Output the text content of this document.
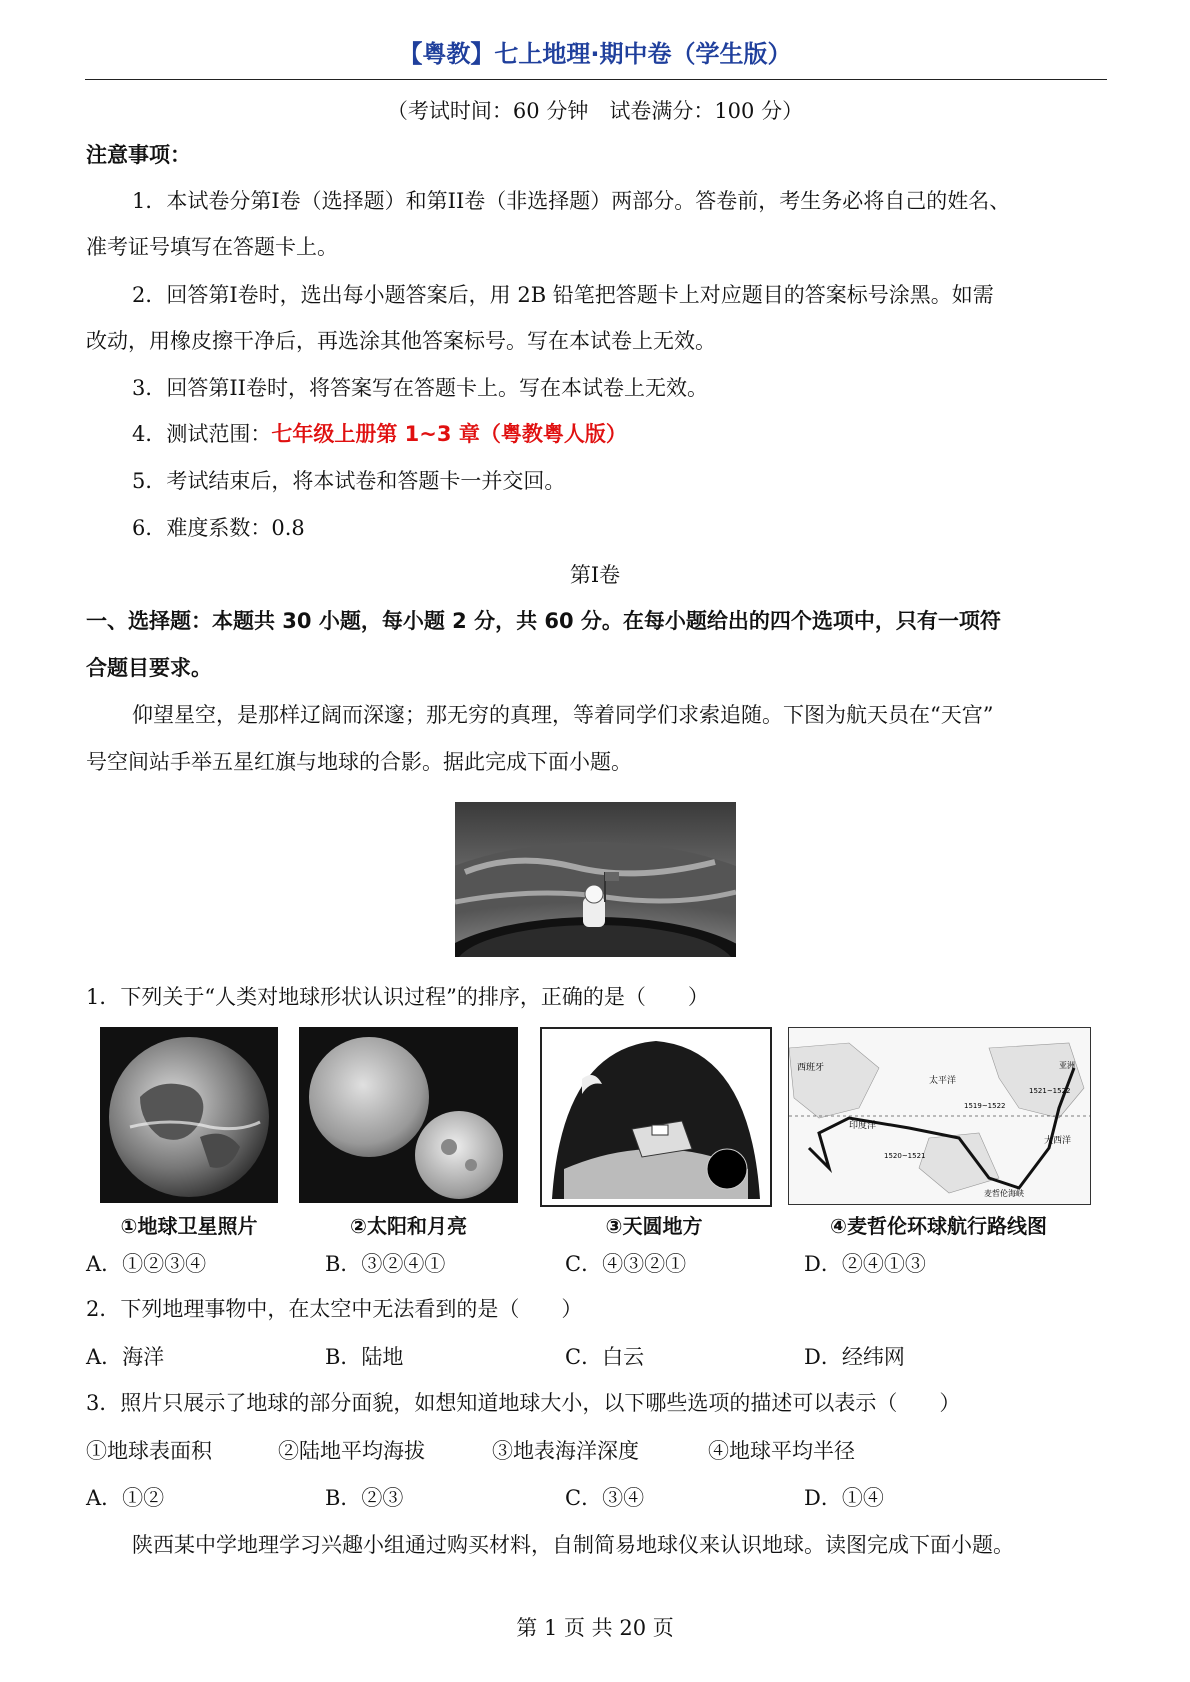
【粤教】七上地理·期中卷（学生版）
（考试时间：60 分钟　试卷满分：100 分）
注意事项：
1．本试卷分第I卷（选择题）和第II卷（非选择题）两部分。答卷前，考生务必将自己的姓名、
准考证号填写在答题卡上。
2．回答第I卷时，选出每小题答案后，用 2B 铅笔把答题卡上对应题目的答案标号涂黑。如需
改动，用橡皮擦干净后，再选涂其他答案标号。写在本试卷上无效。
3．回答第II卷时，将答案写在答题卡上。写在本试卷上无效。
4．测试范围：七年级上册第 1~3 章（粤教粤人版）
5．考试结束后，将本试卷和答题卡一并交回。
6．难度系数：0.8
第I卷
一、选择题：本题共 30 小题，每小题 2 分，共 60 分。在每小题给出的四个选项中，只有一项符
合题目要求。
仰望星空，是那样辽阔而深邃；那无穷的真理，等着同学们求索追随。下图为航天员在“天宫”
号空间站手举五星红旗与地球的合影。据此完成下面小题。
1．下列关于“人类对地球形状认识过程”的排序，正确的是（　　）
西班牙
太平洋
印度洋
大西洋
麦哲伦海峡
亚洲
1519~1522
1520~1521
1521~1522
①地球卫星照片	②太阳和月亮	③天圆地方	④麦哲伦环球航行路线图
A．①②③④	B．③②④①	C．④③②①	D．②④①③
2．下列地理事物中，在太空中无法看到的是（　　）
A．海洋	B．陆地	C．白云	D．经纬网
3．照片只展示了地球的部分面貌，如想知道地球大小，以下哪些选项的描述可以表示（　　）
①地球表面积	②陆地平均海拔	③地表海洋深度	④地球平均半径
A．①②	B．②③	C．③④	D．①④
陕西某中学地理学习兴趣小组通过购买材料，自制简易地球仪来认识地球。读图完成下面小题。
第 1 页 共 20 页
